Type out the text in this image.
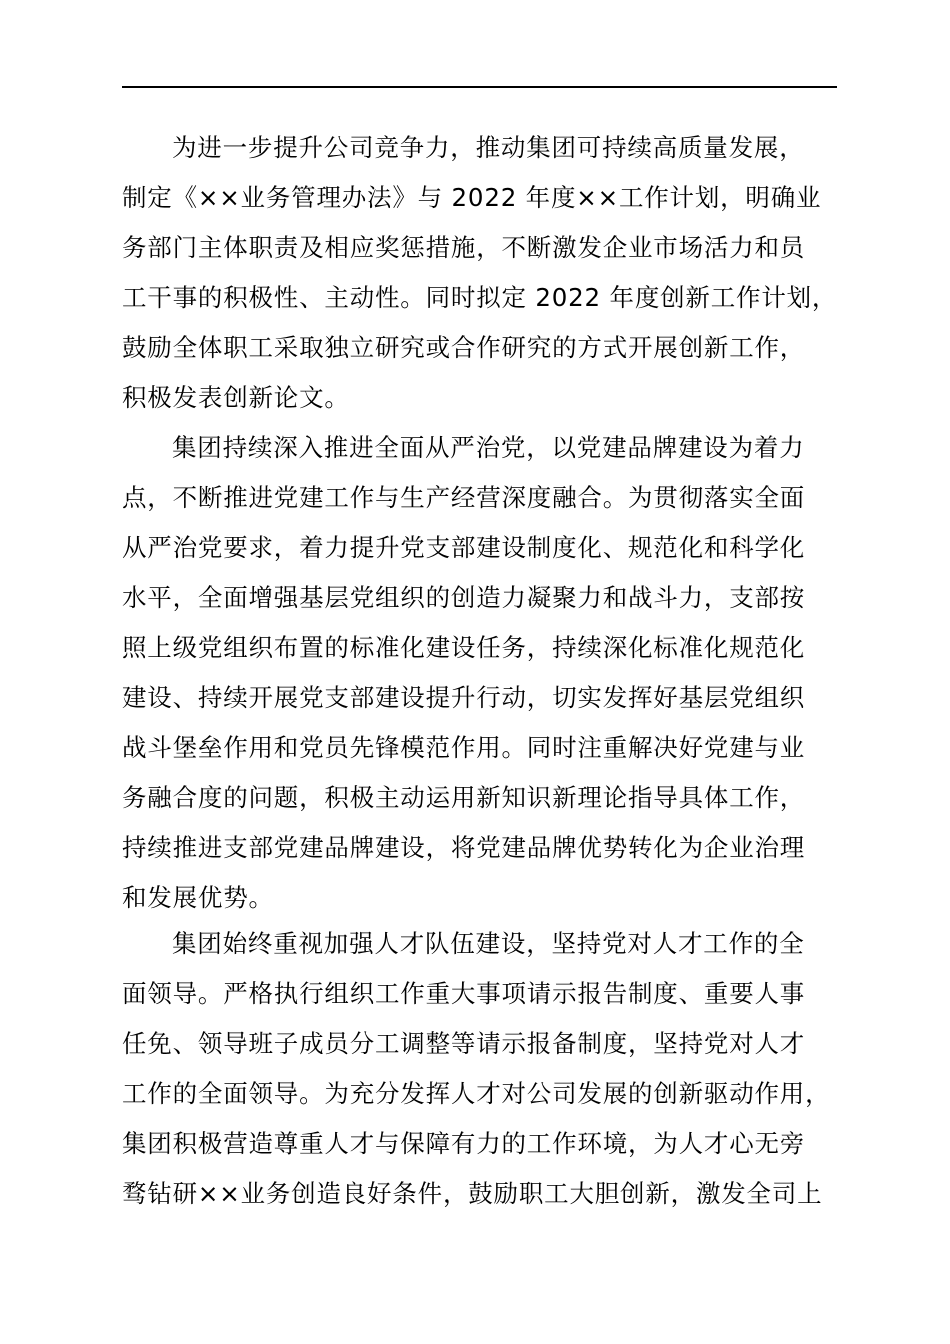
为进一步提升公司竞争力，推动集团可持续高质量发展，
制定《××业务管理办法》与 2022 年度××工作计划，明确业
务部门主体职责及相应奖惩措施，不断激发企业市场活力和员
工干事的积极性、主动性。同时拟定 2022 年度创新工作计划，
鼓励全体职工采取独立研究或合作研究的方式开展创新工作，
积极发表创新论文。
集团持续深入推进全面从严治党，以党建品牌建设为着力
点，不断推进党建工作与生产经营深度融合。为贯彻落实全面
从严治党要求，着力提升党支部建设制度化、规范化和科学化
水平，全面增强基层党组织的创造力凝聚力和战斗力，支部按
照上级党组织布置的标准化建设任务，持续深化标准化规范化
建设、持续开展党支部建设提升行动，切实发挥好基层党组织
战斗堡垒作用和党员先锋模范作用。同时注重解决好党建与业
务融合度的问题，积极主动运用新知识新理论指导具体工作，
持续推进支部党建品牌建设，将党建品牌优势转化为企业治理
和发展优势。
集团始终重视加强人才队伍建设，坚持党对人才工作的全
面领导。严格执行组织工作重大事项请示报告制度、重要人事
任免、领导班子成员分工调整等请示报备制度，坚持党对人才
工作的全面领导。为充分发挥人才对公司发展的创新驱动作用，
集团积极营造尊重人才与保障有力的工作环境，为人才心无旁
骛钻研××业务创造良好条件，鼓励职工大胆创新，激发全司上
